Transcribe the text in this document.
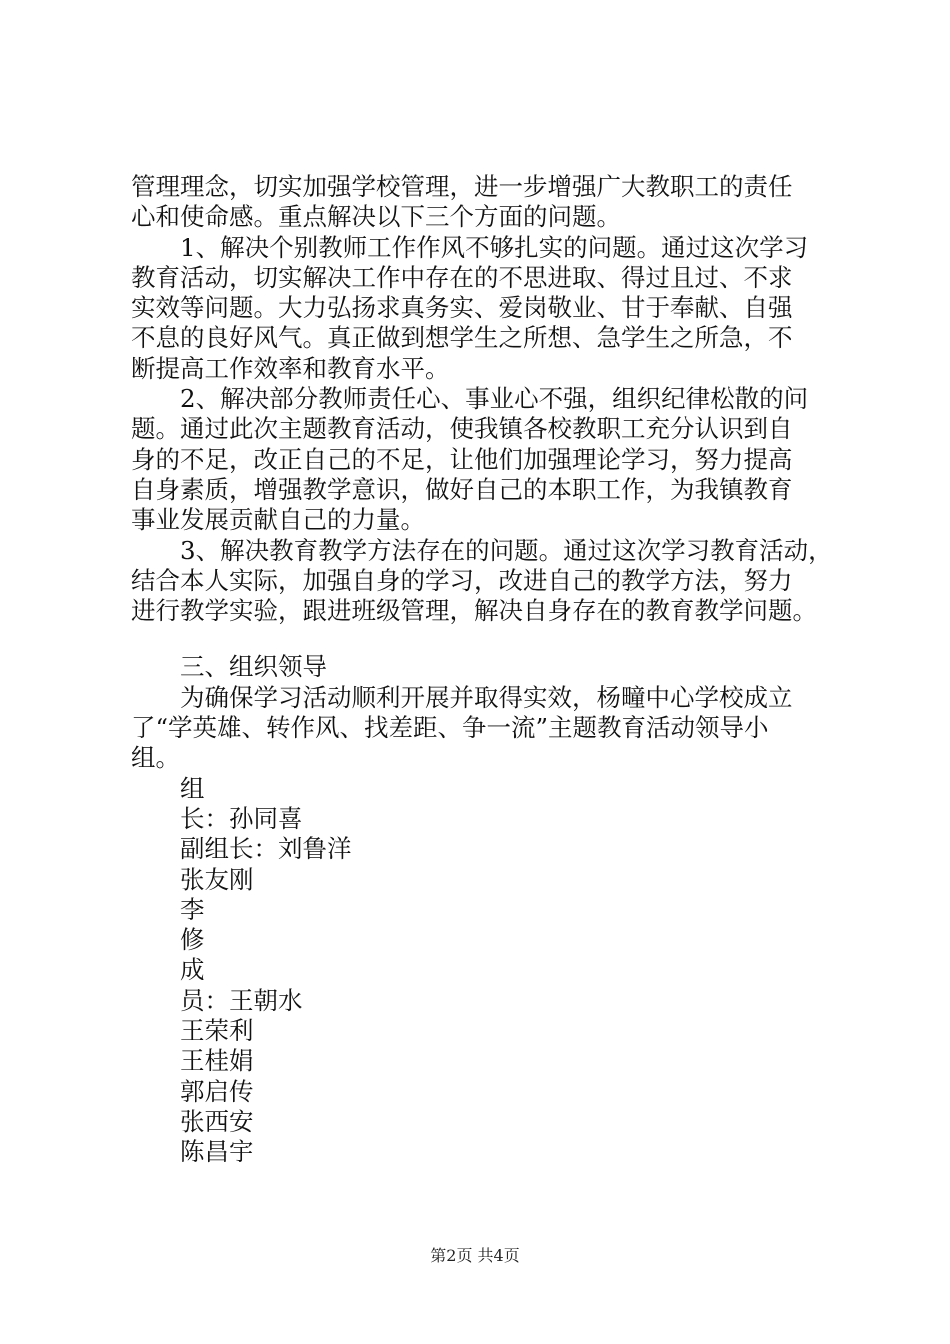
管理理念，切实加强学校管理，进一步增强广大教职工的责任
心和使命感。重点解决以下三个方面的问题。
1、解决个别教师工作作风不够扎实的问题。通过这次学习
教育活动，切实解决工作中存在的不思进取、得过且过、不求
实效等问题。大力弘扬求真务实、爱岗敬业、甘于奉献、自强
不息的良好风气。真正做到想学生之所想、急学生之所急，不
断提高工作效率和教育水平。
2、解决部分教师责任心、事业心不强，组织纪律松散的问
题。通过此次主题教育活动，使我镇各校教职工充分认识到自
身的不足，改正自己的不足，让他们加强理论学习，努力提高
自身素质，增强教学意识，做好自己的本职工作，为我镇教育
事业发展贡献自己的力量。
3、解决教育教学方法存在的问题。通过这次学习教育活动，
结合本人实际，加强自身的学习，改进自己的教学方法，努力
进行教学实验，跟进班级管理，解决自身存在的教育教学问题。
三、组织领导
为确保学习活动顺利开展并取得实效，杨疃中心学校成立
了“学英雄、转作风、找差距、争一流”主题教育活动领导小
组。
组
长：孙同喜
副组长：刘鲁洋
张友刚
李
修
成
员：王朝水
王荣利
王桂娟
郭启传
张西安
陈昌宇
第2页 共4页
